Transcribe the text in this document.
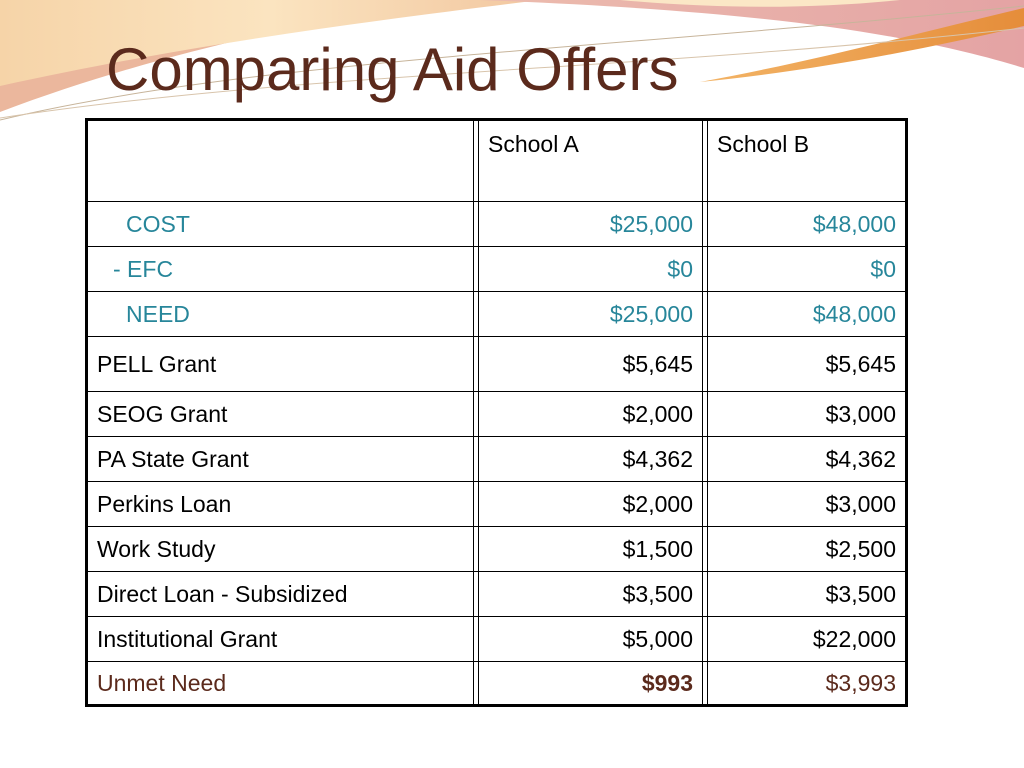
Comparing Aid Offers
		School A		School B
COST		$25,000		$48,000
- EFC		$0		$0
NEED		$25,000		$48,000
PELL Grant		$5,645		$5,645
SEOG Grant		$2,000		$3,000
PA State Grant		$4,362		$4,362
Perkins Loan		$2,000		$3,000
Work Study		$1,500		$2,500
Direct Loan - Subsidized		$3,500		$3,500
Institutional Grant		$5,000		$22,000
Unmet Need		$993		$3,993
